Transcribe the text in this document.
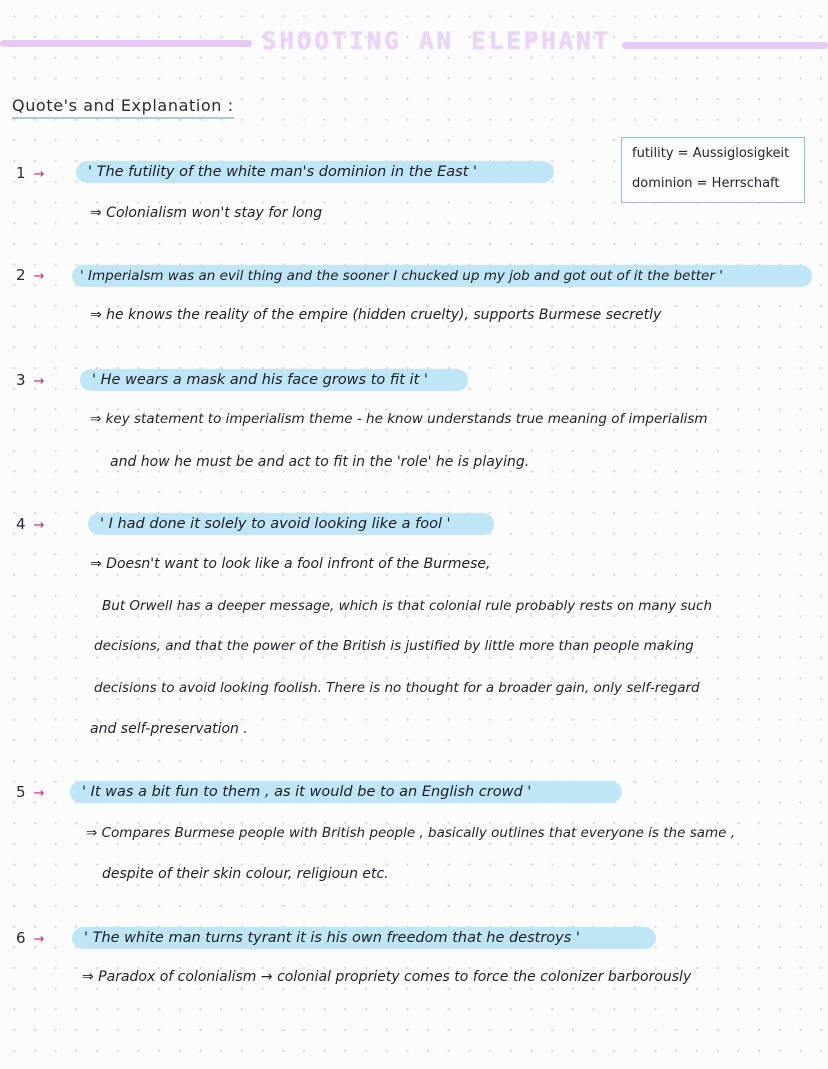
SHOOTING AN ELEPHANT
Quote's and Explanation :
futility = Aussiglosigkeit
dominion = Herrschaft
1 →	' The futility of the white man's dominion in the East '
⇒ Colonialism won't stay for long
2 →	' Imperialsm was an evil thing and the sooner I chucked up my job and got out of it the better '
⇒ he knows the reality of the empire (hidden cruelty), supports Burmese secretly
3 →	' He wears a mask and his face grows to fit it '
⇒ key statement to imperialism theme - he know understands true meaning of imperialism
and how he must be and act to fit in the 'role' he is playing.
4 →	' I had done it solely to avoid looking like a fool '
⇒ Doesn't want to look like a fool infront of the Burmese,
But Orwell has a deeper message, which is that colonial rule probably rests on many such
decisions, and that the power of the British is justified by little more than people making
decisions to avoid looking foolish. There is no thought for a broader gain, only self-regard
and self-preservation .
5 →	' It was a bit fun to them , as it would be to an English crowd '
⇒ Compares Burmese people with British people , basically outlines that everyone is the same ,
despite of their skin colour, religioun etc.
6 →	' The white man turns tyrant it is his own freedom that he destroys '
⇒ Paradox of colonialism → colonial propriety comes to force the colonizer barborously
